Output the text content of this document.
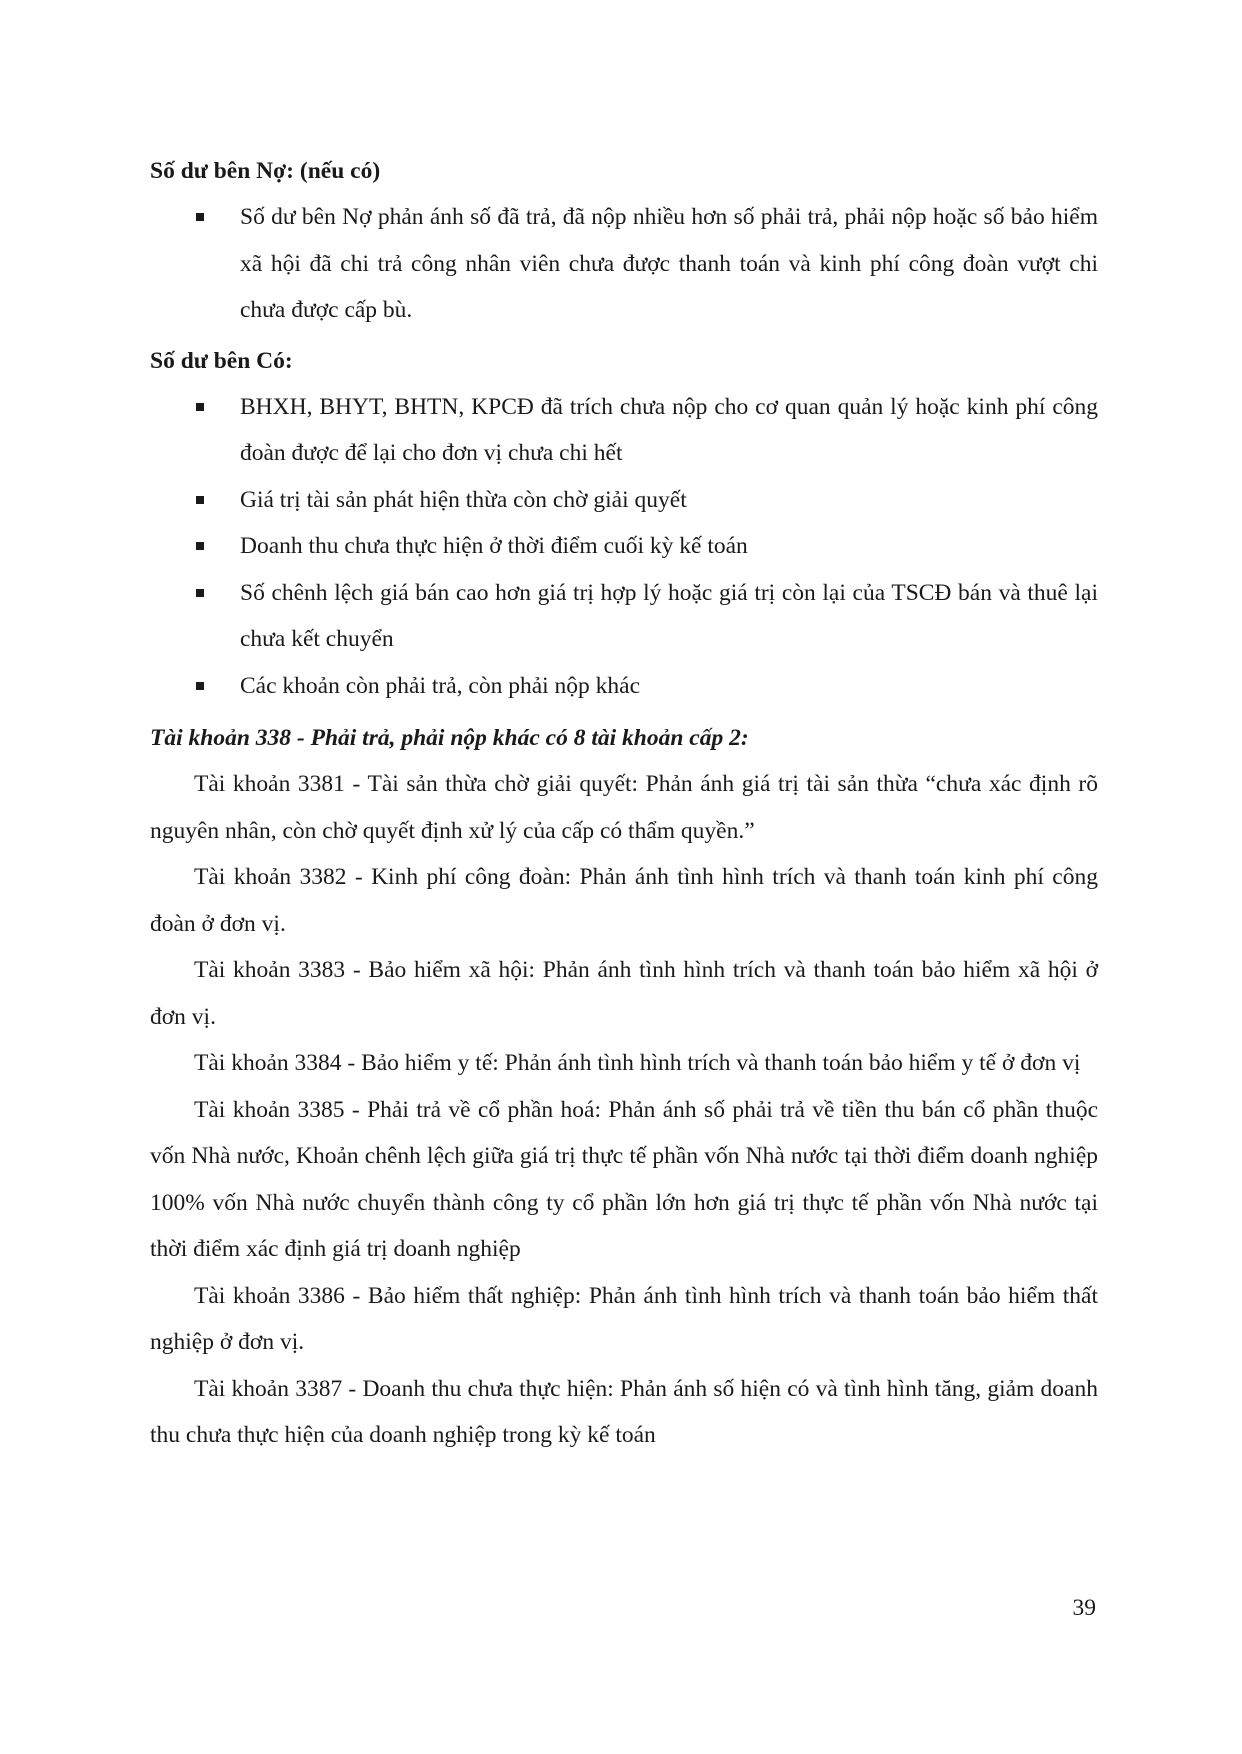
Số dư bên Nợ: (nếu có)

Số dư bên Nợ phản ánh số đã trả, đã nộp nhiều hơn số phải trả, phải nộp hoặc số bảo hiểm xã hội đã chi trả công nhân viên chưa được thanh toán và kinh phí công đoàn vượt chi chưa được cấp bù.

Số dư bên Có:

BHXH, BHYT, BHTN, KPCĐ đã trích chưa nộp cho cơ quan quản lý hoặc kinh phí công đoàn được để lại cho đơn vị chưa chi hết
Giá trị tài sản phát hiện thừa còn chờ giải quyết
Doanh thu chưa thực hiện ở thời điểm cuối kỳ kế toán
Số chênh lệch giá bán cao hơn giá trị hợp lý hoặc giá trị còn lại của TSCĐ bán và thuê lại chưa kết chuyển
Các khoản còn phải trả, còn phải nộp khác

Tài khoản 338 - Phải trả, phải nộp khác có 8 tài khoản cấp 2:

Tài khoản 3381 - Tài sản thừa chờ giải quyết: Phản ánh giá trị tài sản thừa “chưa xác định rõ nguyên nhân, còn chờ quyết định xử lý của cấp có thẩm quyền.”

Tài khoản 3382 - Kinh phí công đoàn: Phản ánh tình hình trích và thanh toán kinh phí công đoàn ở đơn vị.

Tài khoản 3383 - Bảo hiểm xã hội: Phản ánh tình hình trích và thanh toán bảo hiểm xã hội ở đơn vị.

Tài khoản 3384 - Bảo hiểm y tế: Phản ánh tình hình trích và thanh toán bảo hiểm y tế ở đơn vị

Tài khoản 3385 - Phải trả về cổ phần hoá: Phản ánh số phải trả về tiền thu bán cổ phần thuộc vốn Nhà nước, Khoản chênh lệch giữa giá trị thực tế phần vốn Nhà nước tại thời điểm doanh nghiệp 100% vốn Nhà nước chuyển thành công ty cổ phần lớn hơn giá trị thực tế phần vốn Nhà nước tại thời điểm xác định giá trị doanh nghiệp

Tài khoản 3386 - Bảo hiểm thất nghiệp: Phản ánh tình hình trích và thanh toán bảo hiểm thất nghiệp ở đơn vị.

Tài khoản 3387 - Doanh thu chưa thực hiện: Phản ánh số hiện có và tình hình tăng, giảm doanh thu chưa thực hiện của doanh nghiệp trong kỳ kế toán

39
